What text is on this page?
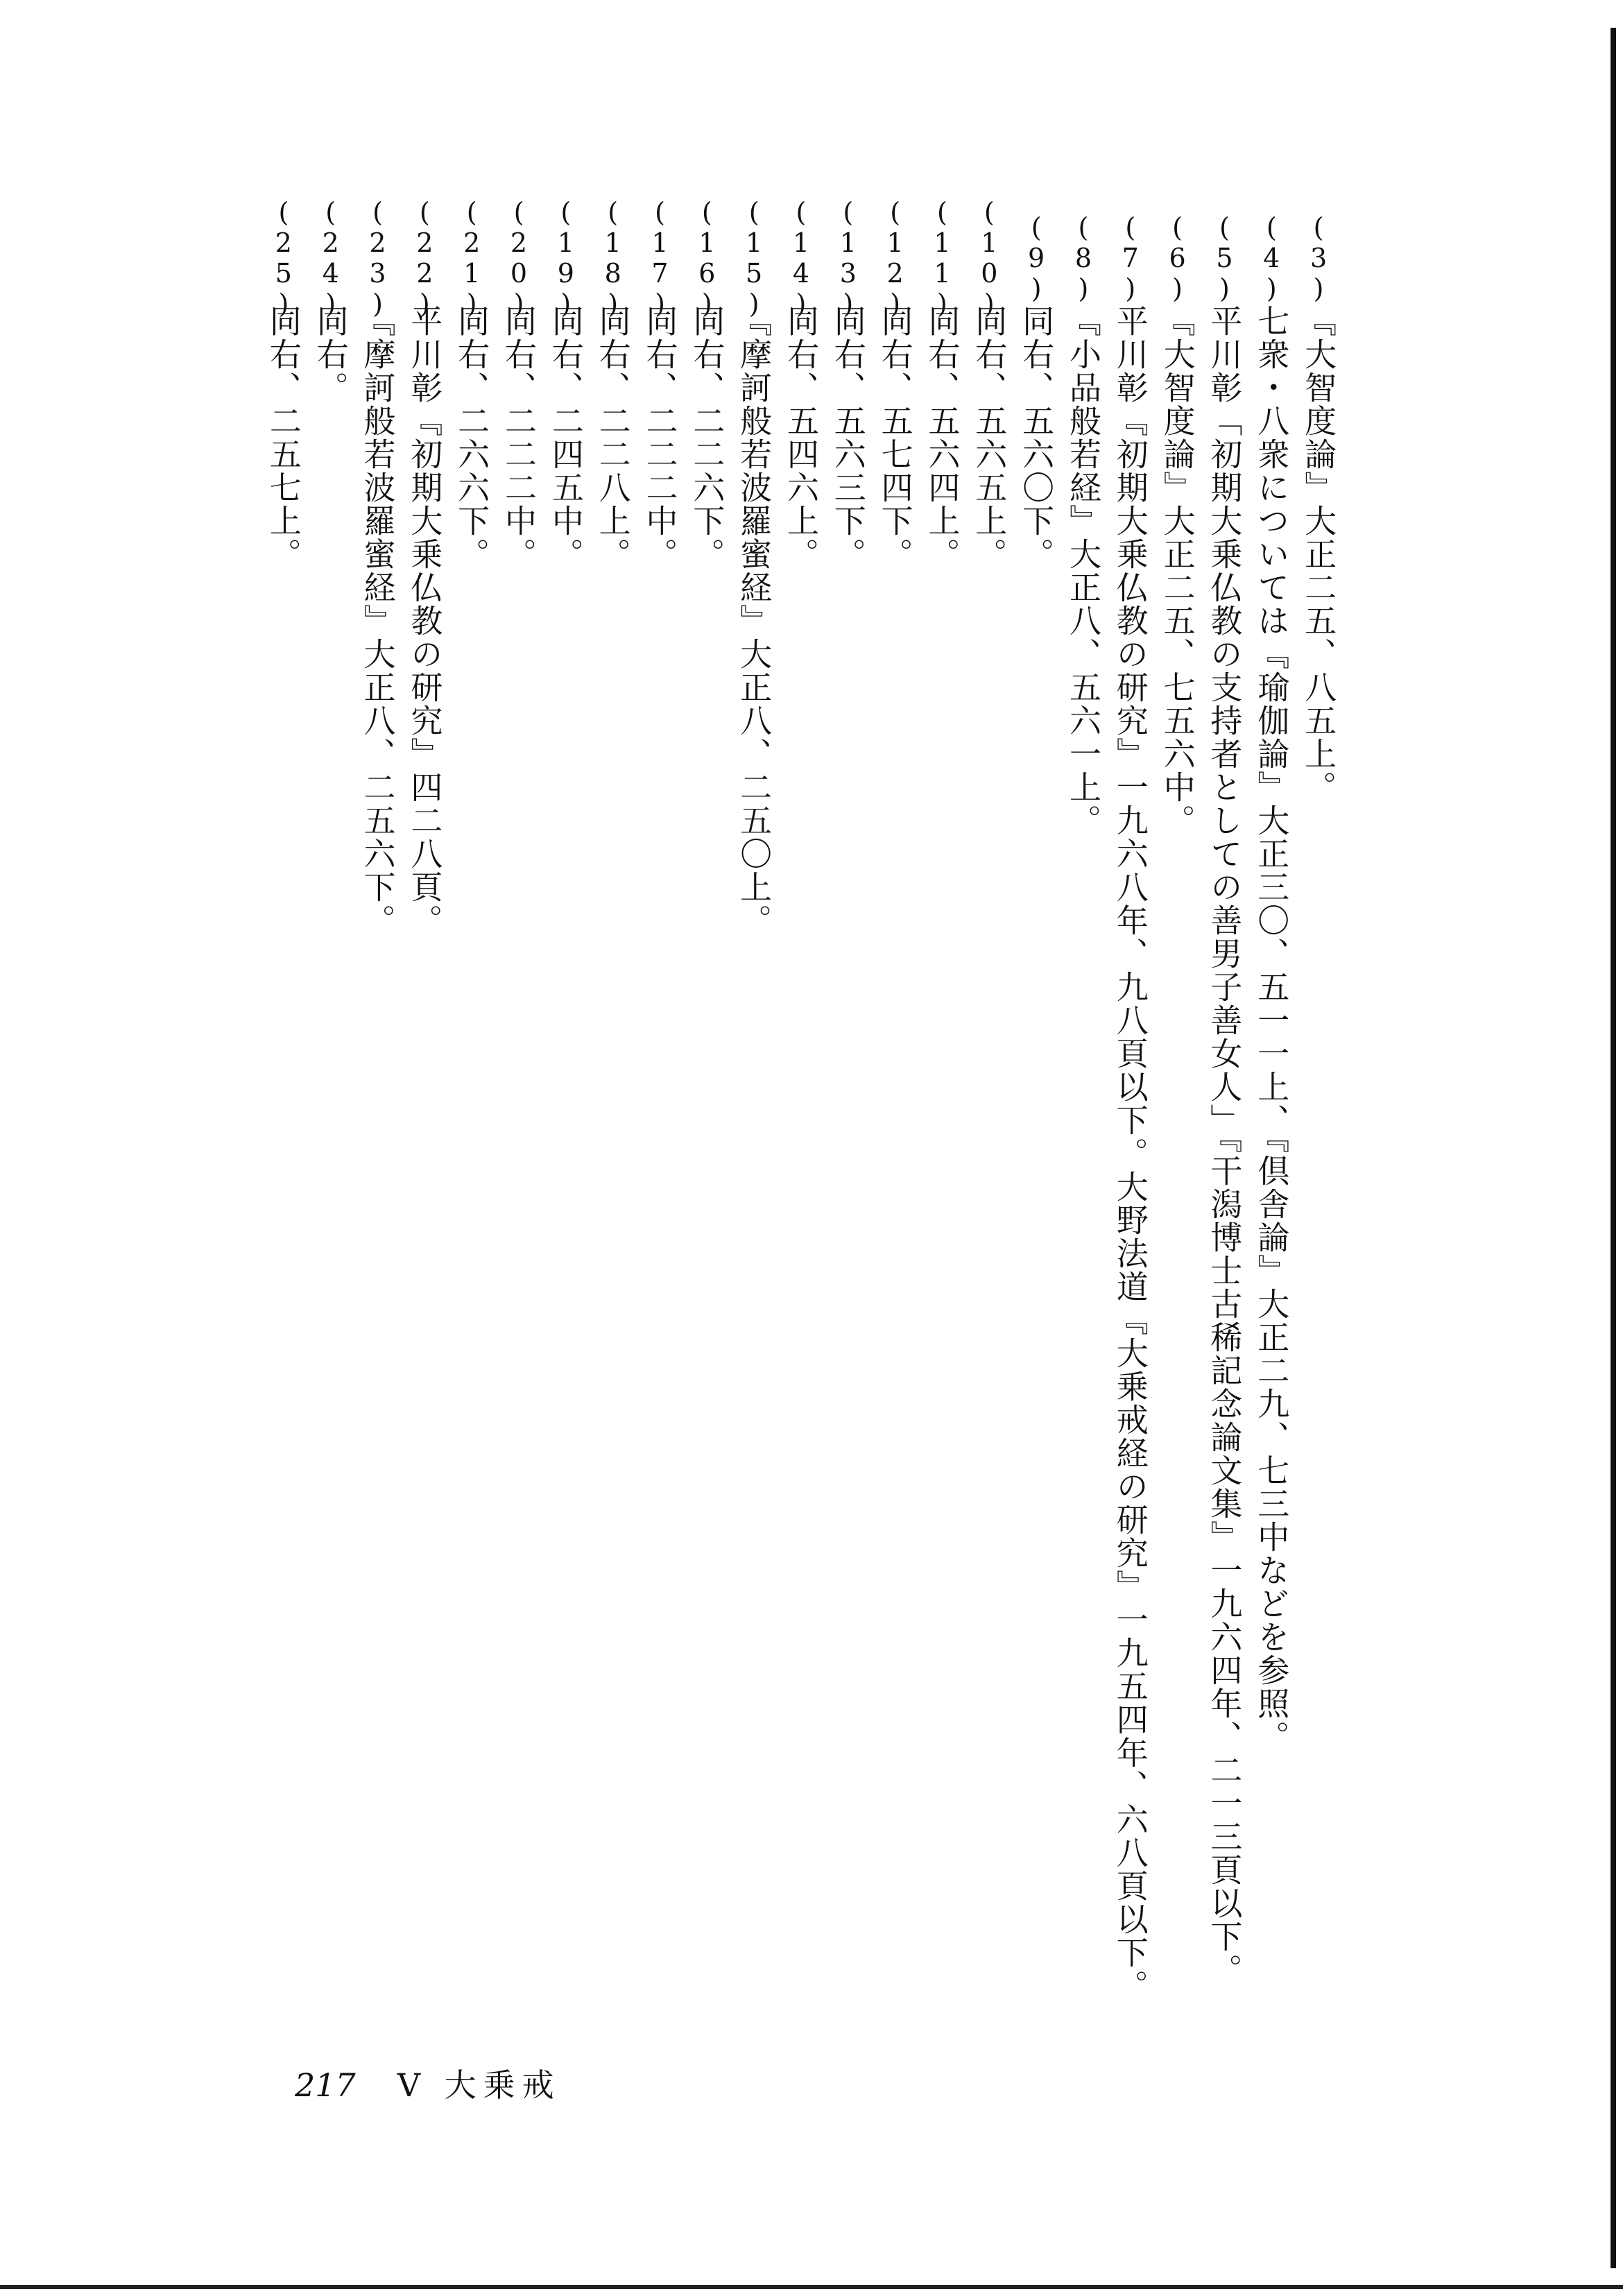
(3)
『大智度論』大正二五、八五上。
(4)
七衆・八衆については『瑜伽論』大正三〇、五一一上、『倶舎論』大正二九、七三中などを参照。
(5)
平川彰「初期大乗仏教の支持者としての善男子善女人」『干潟博士古稀記念論文集』一九六四年、二一三頁以下。
(6)
『大智度論』大正二五、七五六中。
(7)
平川彰『初期大乗仏教の研究』一九六八年、九八頁以下。大野法道『大乗戒経の研究』一九五四年、六八頁以下。
(8)
『小品般若経』大正八、五六一上。
(9)
同右、五六〇下。
(10)
同右、五六五上。
(11)
同右、五六四上。
(12)
同右、五七四下。
(13)
同右、五六三下。
(14)
同右、五四六上。
(15)
『摩訶般若波羅蜜経』大正八、二五〇上。
(16)
同右、二二六下。
(17)
同右、二二二中。
(18)
同右、二二八上。
(19)
同右、二四五中。
(20)
同右、二二二中。
(21)
同右、二六六下。
(22)
平川彰『初期大乗仏教の研究』四二八頁。
(23)
『摩訶般若波羅蜜経』大正八、二五六下。
(24)
同右。
(25)
同右、二五七上。
217 V 大乗戒
